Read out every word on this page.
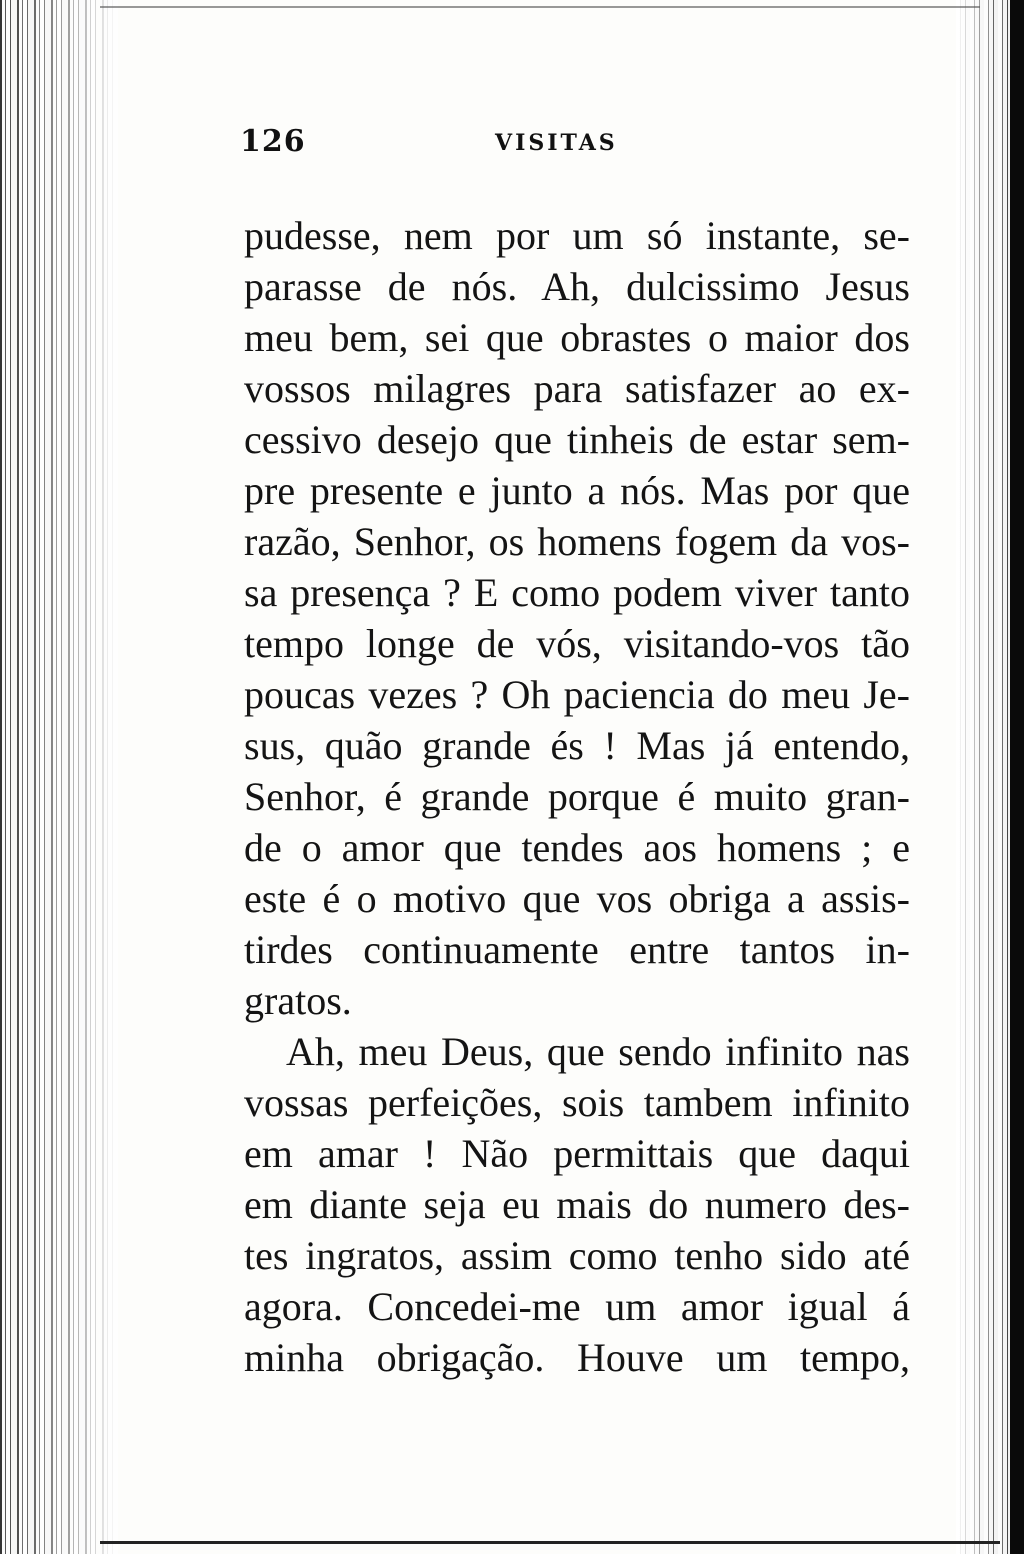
126	VISITAS
pudesse, nem por um só instante, se-
parasse de nós. Ah, dulcissimo Jesus
meu bem, sei que obrastes o maior dos
vossos milagres para satisfazer ao ex-
cessivo desejo que tinheis de estar sem-
pre presente e junto a nós. Mas por que
razão, Senhor, os homens fogem da vos-
sa presença ? E como podem viver tanto
tempo longe de vós, visitando-vos tão
poucas vezes ? Oh paciencia do meu Je-
sus, quão grande és ! Mas já entendo,
Senhor, é grande porque é muito gran-
de o amor que tendes aos homens ; e
este é o motivo que vos obriga a assis-
tirdes continuamente entre tantos in-
gratos.
Ah, meu Deus, que sendo infinito nas
vossas perfeições, sois tambem infinito
em amar ! Não permittais que daqui
em diante seja eu mais do numero des-
tes ingratos, assim como tenho sido até
agora. Concedei-me um amor igual á
minha obrigação. Houve um tempo,
